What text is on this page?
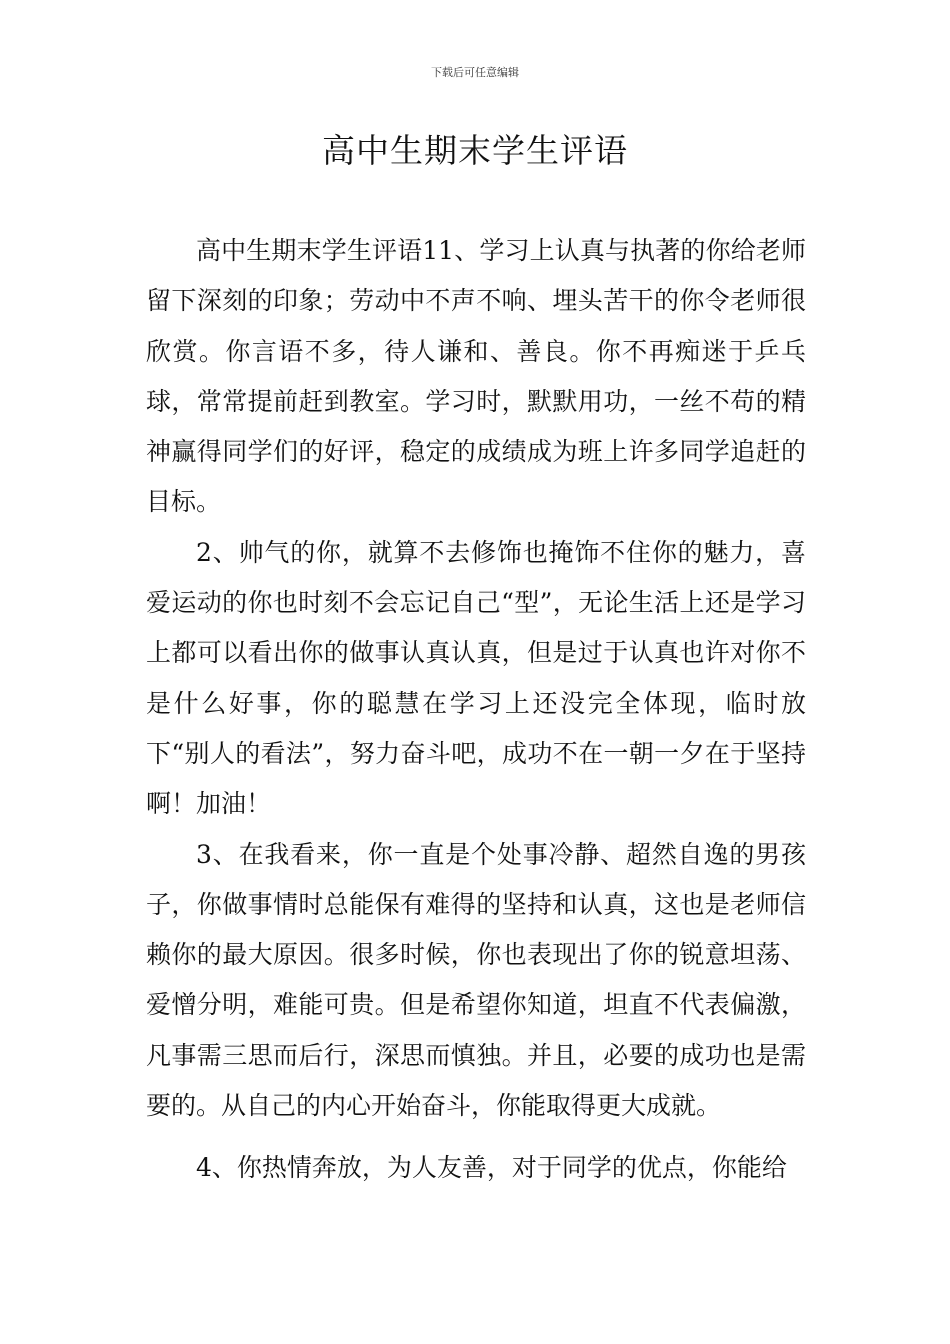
下载后可任意编辑
高中生期末学生评语

高中生期末学生评语11、学习上认真与执著的你给老师留下深刻的印象；劳动中不声不响、埋头苦干的你令老师很欣赏。你言语不多，待人谦和、善良。你不再痴迷于乒乓球，常常提前赶到教室。学习时，默默用功，一丝不苟的精神赢得同学们的好评，稳定的成绩成为班上许多同学追赶的目标。

2、帅气的你，就算不去修饰也掩饰不住你的魅力，喜爱运动的你也时刻不会忘记自己“型”，无论生活上还是学习上都可以看出你的做事认真认真，但是过于认真也许对你不是什么好事，你的聪慧在学习上还没完全体现，临时放下“别人的看法”，努力奋斗吧，成功不在一朝一夕在于坚持啊！加油！

3、在我看来，你一直是个处事冷静、超然自逸的男孩子，你做事情时总能保有难得的坚持和认真，这也是老师信赖你的最大原因。很多时候，你也表现出了你的锐意坦荡、爱憎分明，难能可贵。但是希望你知道，坦直不代表偏激，凡事需三思而后行，深思而慎独。并且，必要的成功也是需要的。从自己的内心开始奋斗，你能取得更大成就。

4、你热情奔放，为人友善，对于同学的优点，你能给
